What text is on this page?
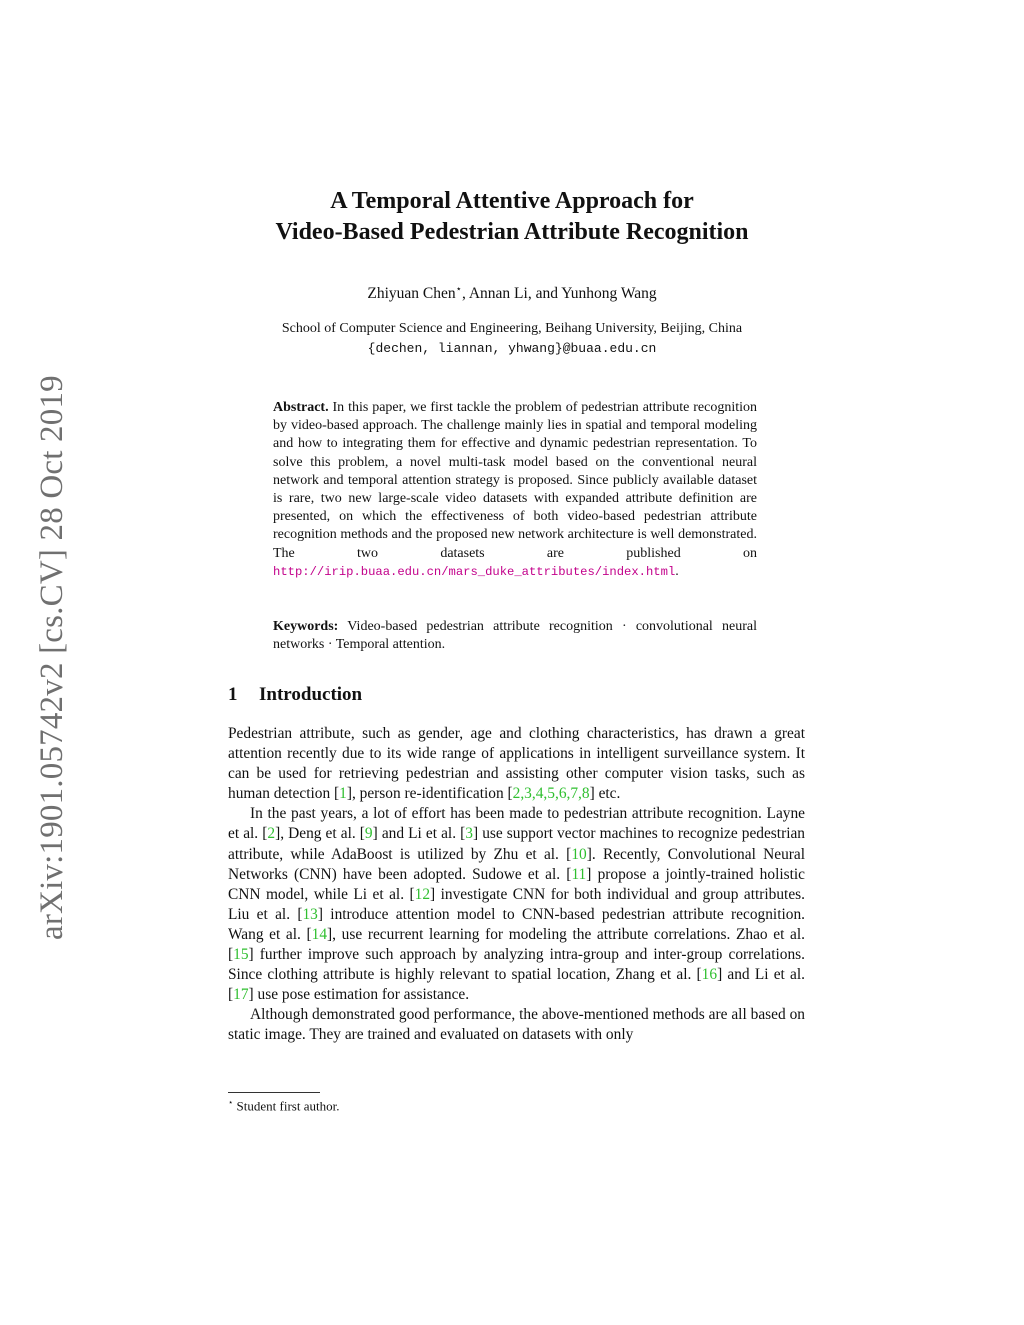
arXiv:1901.05742v2 [cs.CV] 28 Oct 2019
A Temporal Attentive Approach for
Video-Based Pedestrian Attribute Recognition
Zhiyuan Chen⋆, Annan Li, and Yunhong Wang
School of Computer Science and Engineering, Beihang University, Beijing, China
{dechen, liannan, yhwang}@buaa.edu.cn
Abstract. In this paper, we first tackle the problem of pedestrian attribute recognition by video-based approach. The challenge mainly lies in spatial and temporal modeling and how to integrating them for effective and dynamic pedestrian representation. To solve this problem, a novel multi-task model based on the conventional neural network and temporal attention strategy is proposed. Since publicly available dataset is rare, two new large-scale video datasets with expanded attribute definition are presented, on which the effectiveness of both video-based pedestrian attribute recognition methods and the proposed new network architecture is well demonstrated. The two datasets are published on http://irip.buaa.edu.cn/mars_duke_attributes/index.html.
Keywords: Video-based pedestrian attribute recognition · convolutional neural networks · Temporal attention.
1 Introduction

Pedestrian attribute, such as gender, age and clothing characteristics, has drawn a great attention recently due to its wide range of applications in intelligent surveillance system. It can be used for retrieving pedestrian and assisting other computer vision tasks, such as human detection [1], person re-identification [2,3,4,5,6,7,8] etc.

In the past years, a lot of effort has been made to pedestrian attribute recognition. Layne et al. [2], Deng et al. [9] and Li et al. [3] use support vector machines to recognize pedestrian attribute, while AdaBoost is utilized by Zhu et al. [10]. Recently, Convolutional Neural Networks (CNN) have been adopted. Sudowe et al. [11] propose a jointly-trained holistic CNN model, while Li et al. [12] investigate CNN for both individual and group attributes. Liu et al. [13] introduce attention model to CNN-based pedestrian attribute recognition. Wang et al. [14], use recurrent learning for modeling the attribute correlations. Zhao et al. [15] further improve such approach by analyzing intra-group and inter-group correlations. Since clothing attribute is highly relevant to spatial location, Zhang et al. [16] and Li et al. [17] use pose estimation for assistance.

Although demonstrated good performance, the above-mentioned methods are all based on static image. They are trained and evaluated on datasets with only

⋆ Student first author.
